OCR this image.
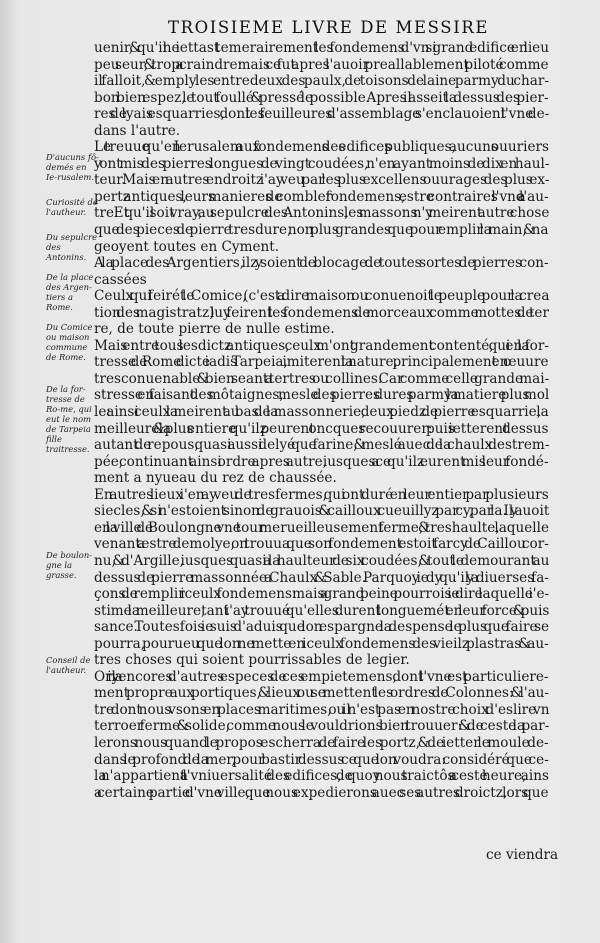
TROISIEME LIVRE DE MESSIRE
D'aucuns fô-demés en Ie-rusalem.
Curiosité de l'autheur.
Du sepulcre des Antonins.
De la place des Argen-tiers a Rome.
Du Comice ou maison commune de Rome.
De la for-tresse de Ro-me, qui eut le nom de Tarpeia fille traitresse.
De boulon-gne la grasse.
Conseil de l'autheur.
uenir, & qu'il ne iettast temerairement les fondemens d'vn si grand edifice en lieu
peu seur, & trop a craindre: mais ce fut apres l'auoir preallablement piloté comme
il falloit, & emply les entredeux des paulx, de toisons de laine parmy du char-
bon bien espez, le tout foullé & pressé le possible. Apres il asseit la dessus des pier-
res de lyais esquarries, dont les feuilleures d'assemblage s'enclauoient l'vne de-
dans l'autre.
Le treuue qu'en Ierusalem aux fondemens des edifices publiques, aucuns ouuriers
y ont mis des pierres longues de vingt coudées, n'en ayant moins de dix en haul-
teur. Mais en autres endroitz i'ay veu par les plus excellens ouurages des plus ex-
pertz antiques, leurs manieres de combler fondemens, estre contraires l'vne a l'au-
tre. Et qu'il soit vray, au sepulcre des Antonins, les massons n'y meirent autre chose
que des pieces de pierre tresdure, non plus grandes que pour emplir la main, & na
geoyent toutes en Cyment.
A la place des Argentiers, ilz y soient de blocage de toutes sortes de pierres con-
cassées
Ceulx qui feirét le Comice, (c'est a dire maison ou conuenoit le peuple pour la crea
tion des magistratz) luy feirent les fondemens de morceaux comme mottes de ter
re, de toute pierre de nulle estime.
Mais entre tous lesdictz antiques, ceulx m'ont grandement contenté, qui en la for-
tresse de Rome dicte iadis Tarpeia, imiterent la nature, principalement en œuure
tresconuenable & bien seant a tertres ou collines. Car comme celle grande mai-
stresse en faisant des môtaignes, mesle des pierres dures parmy la matiere plus mol
le: ainsi ceulx la meirent au bas de la massonnerie, deux piedz de pierre esquarrie, la
meilleure & la plus entiere qu'ilz peurent oncques recouurer: puis ietterent dessus
autant de repous, quasi aussi delyé que farine, & meslé auec de la chaulx destrem-
pée, continuant ainsi ordre apres autre, iusques a ce qu'ilz eurent mis leur fondé-
ment a nyueau du rez de chaussée.
En autres lieux i'en ay veu de tresfermes, qui ont duré en leur entier par plusieurs
siecles, & si n'estoient sinon de grauois & cailloux cueuillyz par cy, par la. Il y auoit
en la ville de Boulongne vne tour merueilleusement ferme, & treshaulte, laquelle
venant a estre demolye, on trouua que son fondement estoit farcy de Caillou cor-
nu, & d'Argille, iusques quasi a la haulteur de six coudées, & tout le demourant au
dessus de pierre massonnée a Chaulx & Sable. Parquoy ie dy qu'il y a diuerses fa-
çons de remplir iceulx fondemens: mais a grand peine pourrois ie dire laquelle i'e-
stime la meilleure, tant i'ay trouué qu'elles durent longuemét en leur force & puis
sance. Toutesfois ie suis d'aduis que lon espargne la despense le plus que faire se
pourra, pourueu que lon ne mette en iceulx fondemens des vieilz plastras & au-
tres choses qui soient pourrissables de legier.
Or il y a encores d'autres especes de ces empietemens, dont l'vne est particuliere-
ment propre aux portiques, & lieux ou se mettent les ordres de Colonnes: & l'au-
tre dont nous vsons en places maritimes, ou il n'est pas en nostre choix d'eslire vn
terroer ferme & solide, comme nous le vouldrions bien trouuer: & de ceste la par-
lerons nous quand le propos escherra de faire les portz, & de ietter le moule de-
dans le profond de la mer, pour bastir dessus ce que lon voudra: considéré que ce-
la n'appartient a l'vniuersalité des edifices, de quoy nous traictôs a ceste heure, ains
a certaine partie d'vne ville, que nous expedierons auec ses autres droictz, lors que
ce viendra
